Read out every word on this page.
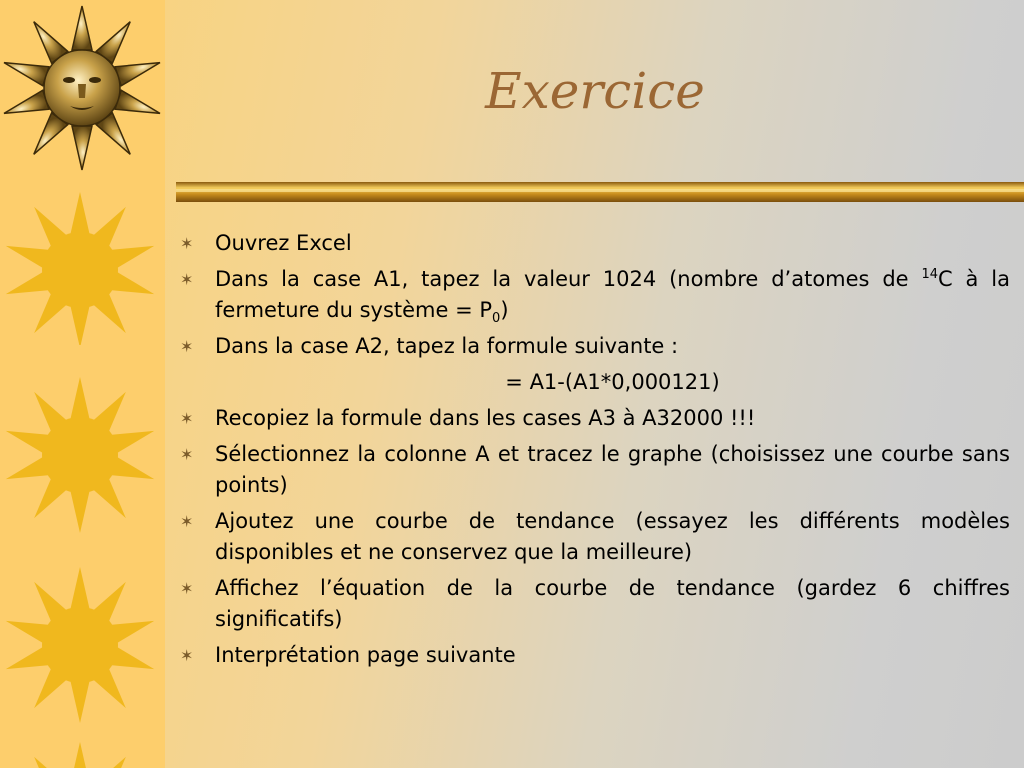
Exercice
✶ Ouvrez Excel
✶ Dans la case A1, tapez la valeur 1024 (nombre d’atomes de $^{14}$C à la fermeture du système = $P_0$)
✶ Dans la case A2, tapez la formule suivante :
= A1-(A1*0,000121)
✶ Recopiez la formule dans les cases A3 à A32000 !!!
✶ Sélectionnez la colonne A et tracez le graphe (choisissez une courbe sans points)
✶ Ajoutez une courbe de tendance (essayez les différents modèles disponibles et ne conservez que la meilleure)
✶ Affichez l’équation de la courbe de tendance (gardez 6 chiffres significatifs)
✶ Interprétation page suivante
